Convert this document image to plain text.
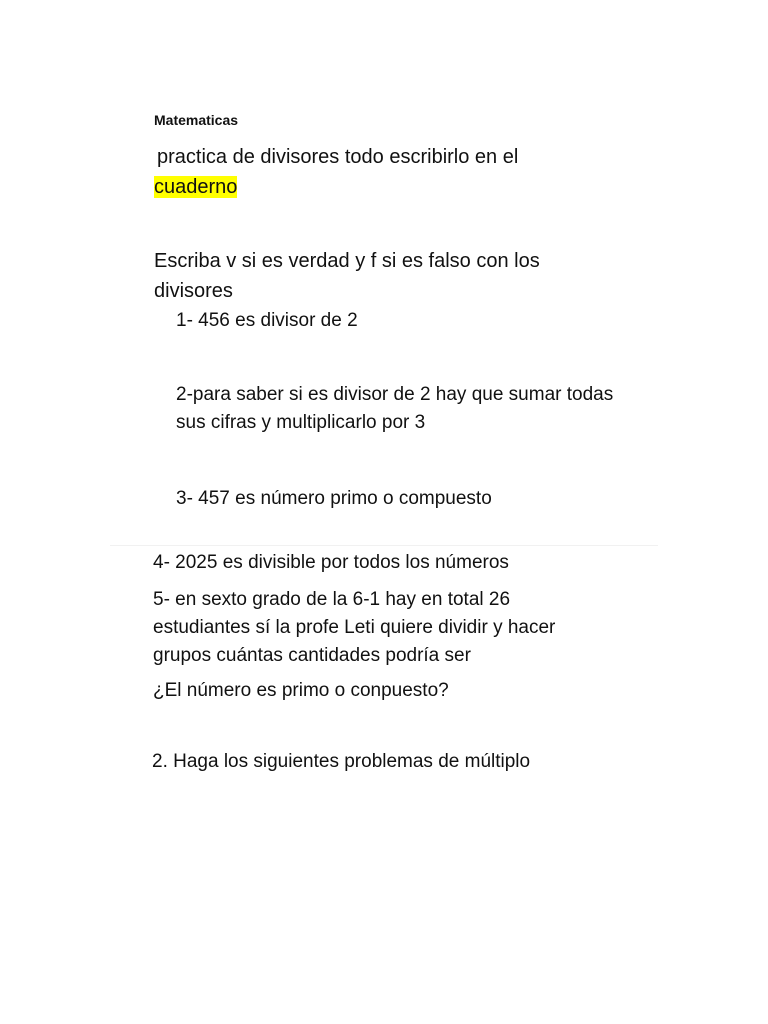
Matematicas
practica de divisores todo escribirlo en el
cuaderno
Escriba v si es verdad y f si es falso con los divisores
1- 456 es divisor de 2
2-para saber si es divisor de 2 hay que sumar todas sus cifras y multiplicarlo por 3
3- 457 es número primo o compuesto
4- 2025 es divisible por todos los números
5- en sexto grado de la 6-1 hay en total 26
estudiantes sí la profe Leti quiere dividir y hacer
grupos cuántas cantidades podría ser
¿El número es primo o conpuesto?
2. Haga los siguientes problemas de múltiplo
